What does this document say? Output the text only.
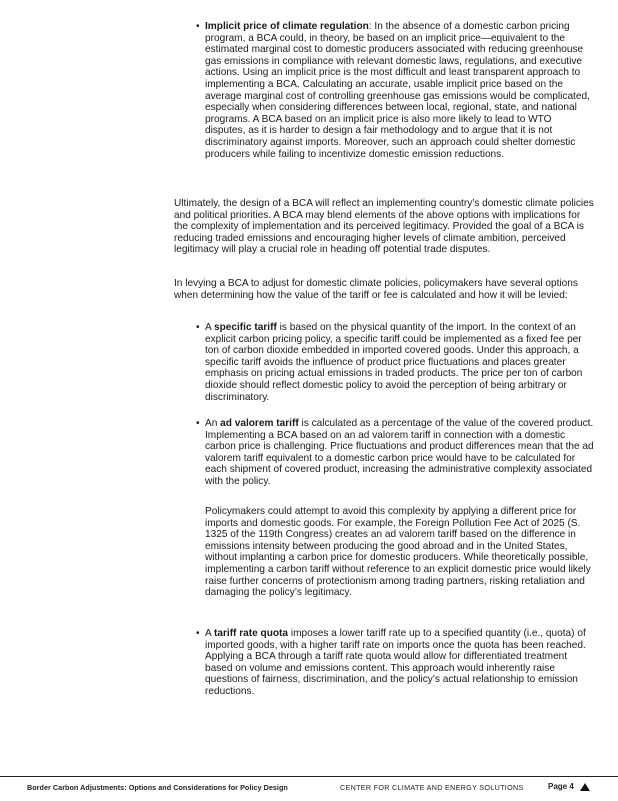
• Implicit price of climate regulation: In the absence of a domestic carbon pricing program, a BCA could, in theory, be based on an implicit price—equivalent to the estimated marginal cost to domestic producers associated with reducing greenhouse gas emissions in compliance with relevant domestic laws, regulations, and executive actions. Using an implicit price is the most difficult and least transparent approach to implementing a BCA. Calculating an accurate, usable implicit price based on the average marginal cost of controlling greenhouse gas emissions would be complicated, especially when considering differences between local, regional, state, and national programs. A BCA based on an implicit price is also more likely to lead to WTO disputes, as it is harder to design a fair methodology and to argue that it is not discriminatory against imports. Moreover, such an approach could shelter domestic producers while failing to incentivize domestic emission reductions.

Ultimately, the design of a BCA will reflect an implementing country’s domestic climate policies and political priorities. A BCA may blend elements of the above options with implications for the complexity of implementation and its perceived legitimacy. Provided the goal of a BCA is reducing traded emissions and encouraging higher levels of climate ambition, perceived legitimacy will play a crucial role in heading off potential trade disputes.

In levying a BCA to adjust for domestic climate policies, policymakers have several options when determining how the value of the tariff or fee is calculated and how it will be levied:

• A specific tariff is based on the physical quantity of the import. In the context of an explicit carbon pricing policy, a specific tariff could be implemented as a fixed fee per ton of carbon dioxide embedded in imported covered goods. Under this approach, a specific tariff avoids the influence of product price fluctuations and places greater emphasis on pricing actual emissions in traded products. The price per ton of carbon dioxide should reflect domestic policy to avoid the perception of being arbitrary or discriminatory.

• An ad valorem tariff is calculated as a percentage of the value of the covered product. Implementing a BCA based on an ad valorem tariff in connection with a domestic carbon price is challenging. Price fluctuations and product differences mean that the ad valorem tariff equivalent to a domestic carbon price would have to be calculated for each shipment of covered product, increasing the administrative complexity associated with the policy.

Policymakers could attempt to avoid this complexity by applying a different price for imports and domestic goods. For example, the Foreign Pollution Fee Act of 2025 (S. 1325 of the 119th Congress) creates an ad valorem tariff based on the difference in emissions intensity between producing the good abroad and in the United States, without implanting a carbon price for domestic producers. While theoretically possible, implementing a carbon tariff without reference to an explicit domestic price would likely raise further concerns of protectionism among trading partners, risking retaliation and damaging the policy’s legitimacy.

• A tariff rate quota imposes a lower tariff rate up to a specified quantity (i.e., quota) of imported goods, with a higher tariff rate on imports once the quota has been reached. Applying a BCA through a tariff rate quota would allow for differentiated treatment based on volume and emissions content. This approach would inherently raise questions of fairness, discrimination, and the policy’s actual relationship to emission reductions.

Border Carbon Adjustments: Options and Considerations for Policy Design	CENTER FOR CLIMATE AND ENERGY SOLUTIONS	Page 4
